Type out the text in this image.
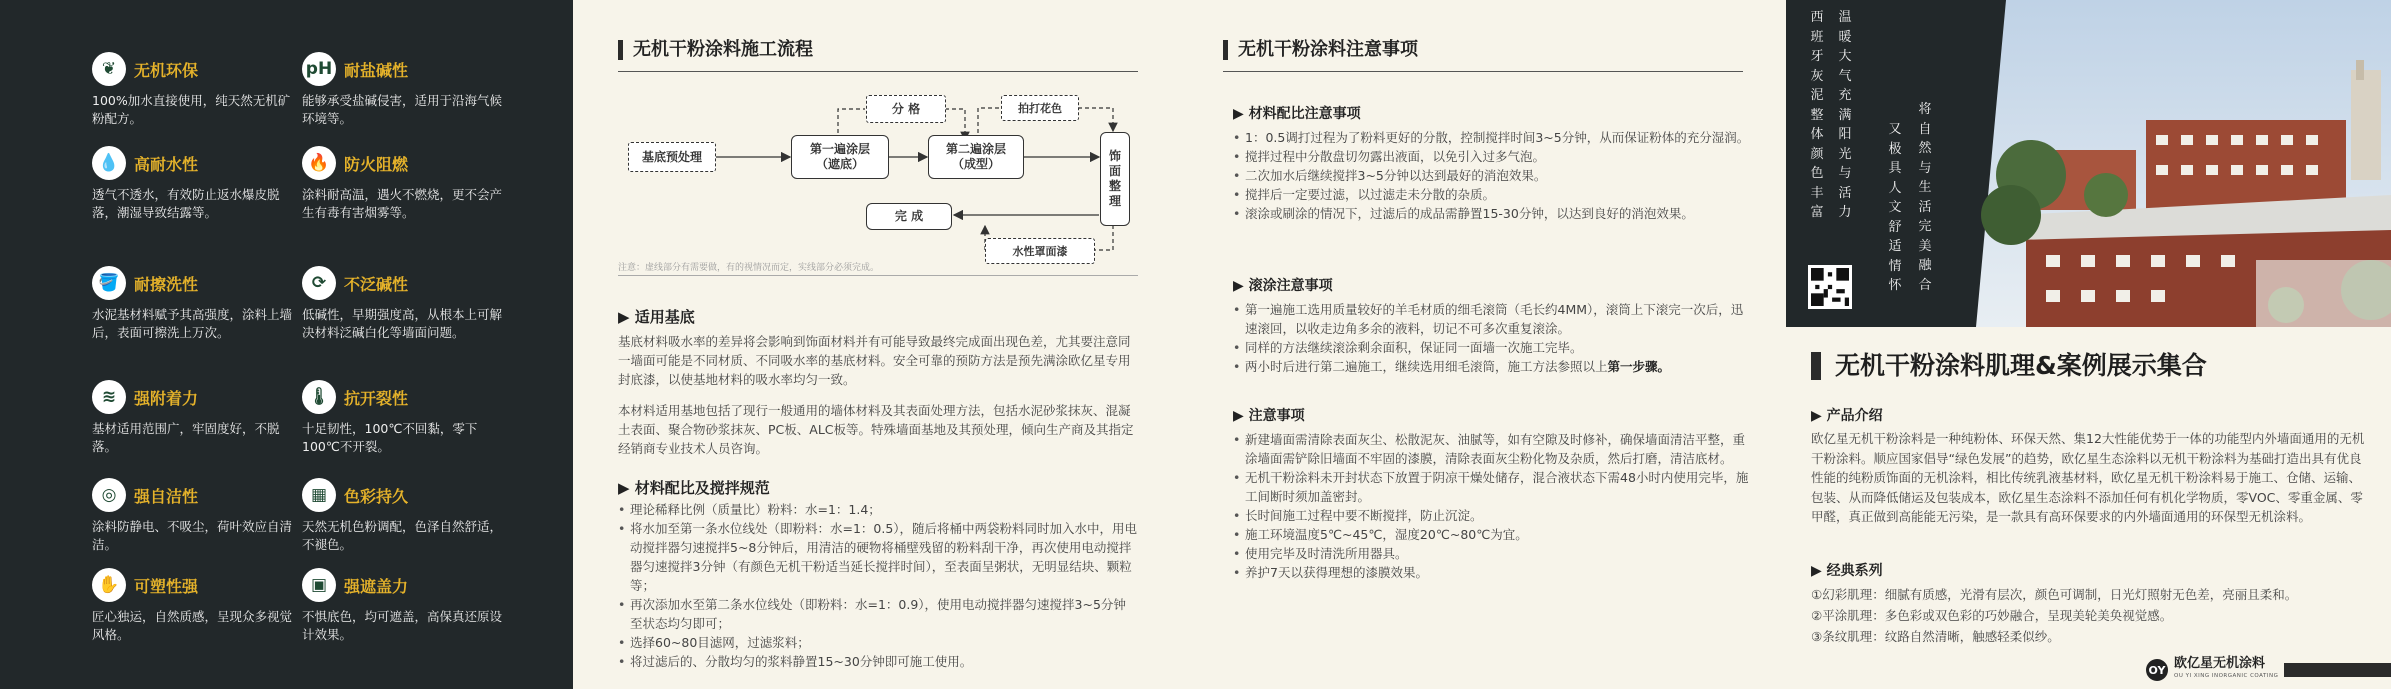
❦	无机环保
100%加水直接使用，纯天然无机矿粉配方。
pH 耐盐碱性
能够承受盐碱侵害，适用于沿海气候环境等。
💧 高耐水性
透气不透水，有效防止返水爆皮脱落，潮湿导致结露等。
🔥 防火阻燃
涂料耐高温，遇火不燃烧，更不会产生有毒有害烟雾等。
🪣 耐擦洗性
水泥基材料赋予其高强度，涂料上墙后，表面可擦洗上万次。
⟳	不泛碱性
低碱性，早期强度高，从根本上可解决材料泛碱白化等墙面问题。
≋	强附着力
基材适用范围广，牢固度好，不脱落。
🌡 抗开裂性
十足韧性，100℃不回黏，零下100℃不开裂。
◎	强自洁性
涂料防静电、不吸尘，荷叶效应自清洁。
▦	色彩持久
天然无机色粉调配，色泽自然舒适，不褪色。
✋ 可塑性强
匠心独运，自然质感，呈现众多视觉风格。
▣	强遮盖力
不惧底色，均可遮盖，高保真还原设计效果。
无机干粉涂料施工流程
基底预处理
第一遍涂层（遮底）
第二遍涂层（成型）
分 格	拍打花色
饰面整理
完 成
水性罩面漆
注意：虚线部分有需要做，有的视情况而定，实线部分必须完成。
▶ 适用基底
基底材料吸水率的差异将会影响到饰面材料并有可能导致最终完成面出现色差，尤其要注意同一墙面可能是不同材质、不同吸水率的基底材料。安全可靠的预防方法是预先满涂欧亿星专用封底漆，以使基地材料的吸水率均匀一致。
本材料适用基地包括了现行一般通用的墙体材料及其表面处理方法，包括水泥砂浆抹灰、混凝土表面、聚合物砂浆抹灰、PC板、ALC板等。特殊墙面基地及其预处理，倾向生产商及其指定经销商专业技术人员咨询。
▶ 材料配比及搅拌规范
• 理论稀释比例（质量比）粉料：水=1：1.4；
• 将水加至第一条水位线处（即粉料：水=1：0.5），随后将桶中两袋粉料同时加入水中，用电动搅拌器匀速搅拌5~8分钟后，用清洁的硬物将桶壁残留的粉料刮干净，再次使用电动搅拌器匀速搅拌3分钟（有颜色无机干粉适当延长搅拌时间），至表面呈粥状，无明显结块、颗粒等；
• 再次添加水至第二条水位线处（即粉料：水=1：0.9），使用电动搅拌器匀速搅拌3~5分钟至状态均匀即可；
• 选择60~80目滤网，过滤浆料；
• 将过滤后的、分散均匀的浆料静置15~30分钟即可施工使用。
无机干粉涂料注意事项
▶ 材料配比注意事项
• 1：0.5调打过程为了粉料更好的分散，控制搅拌时间3~5分钟，从而保证粉体的充分湿润。
• 搅拌过程中分散盘切勿露出液面，以免引入过多气泡。
• 二次加水后继续搅拌3~5分钟以达到最好的消泡效果。
• 搅拌后一定要过滤，以过滤走未分散的杂质。
• 滚涂或刷涂的情况下，过滤后的成品需静置15-30分钟，以达到良好的消泡效果。
▶ 滚涂注意事项
• 第一遍施工选用质量较好的羊毛材质的细毛滚筒（毛长约4MM），滚筒上下滚完一次后，迅速滚回，以收走边角多余的液料，切记不可多次重复滚涂。
• 同样的方法继续滚涂剩余面积，保证同一面墙一次施工完毕。
• 两小时后进行第二遍施工，继续选用细毛滚筒，施工方法参照以上第一步骤。
▶ 注意事项
• 新建墙面需清除表面灰尘、松散泥灰、油腻等，如有空隙及时修补，确保墙面清洁平整，重涂墙面需铲除旧墙面不牢固的漆膜，清除表面灰尘粉化物及杂质，然后打磨，清洁底材。
• 无机干粉涂料未开封状态下放置于阴凉干燥处储存，混合液状态下需48小时内使用完毕，施工间断时须加盖密封。
• 长时间施工过程中要不断搅拌，防止沉淀。
• 施工环境温度5℃~45℃，湿度20℃~80℃为宜。
• 使用完毕及时清洗所用器具。
• 养护7天以获得理想的漆膜效果。
西班牙灰泥整体颜色丰富
温暖大气充满阳光与活力
又极具人文舒适情怀
将自然与生活完美融合
无机干粉涂料肌理&案例展示集合
▶ 产品介绍
欧亿星无机干粉涂料是一种纯粉体、环保天然、集12大性能优势于一体的功能型内外墙面通用的无机干粉涂料。顺应国家倡导“绿色发展”的趋势，欧亿星生态涂料以无机干粉涂料为基础打造出具有优良性能的纯粉质饰面的无机涂料，相比传统乳液基材料，欧亿星无机干粉涂料易于施工、仓储、运输、包装、从而降低储运及包装成本，欧亿星生态涂料不添加任何有机化学物质，零VOC、零重金属、零甲醛，真正做到高能能无污染，是一款具有高环保要求的内外墙面通用的环保型无机涂料。
▶ 经典系列
①幻彩肌理：细腻有质感，光滑有层次，颜色可调制，日光灯照射无色差，亮丽且柔和。
②平涂肌理：多色彩或双色彩的巧妙融合，呈现美轮美奂视觉感。
③条纹肌理：纹路自然清晰，触感轻柔似纱。
OY 欧亿星无机涂料
OU YI XING INORGANIC COATING
